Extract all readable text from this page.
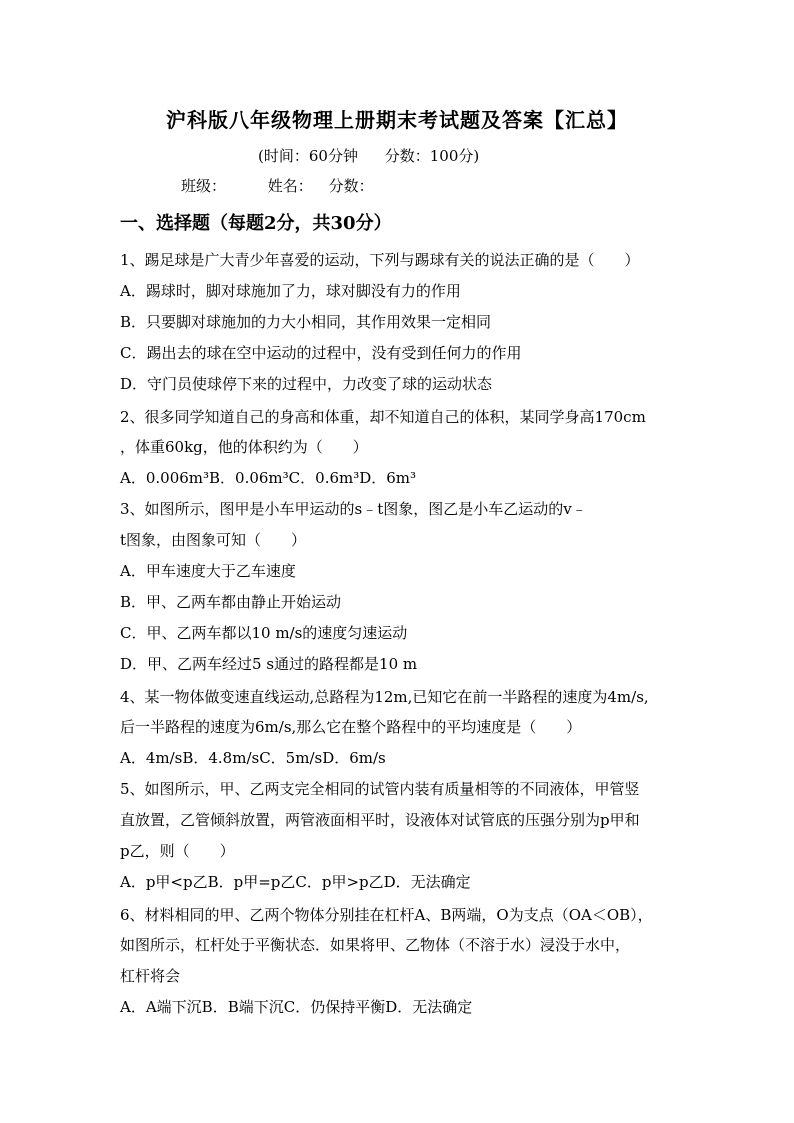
沪科版八年级物理上册期末考试题及答案【汇总】
(时间：60分钟 分数：100分)
班级：	姓名： 分数：
一、选择题（每题2分，共30分）
1、踢足球是广大青少年喜爱的运动，下列与踢球有关的说法正确的是（　　）
A．踢球时，脚对球施加了力，球对脚没有力的作用
B．只要脚对球施加的力大小相同，其作用效果一定相同
C．踢出去的球在空中运动的过程中，没有受到任何力的作用
D．守门员使球停下来的过程中，力改变了球的运动状态
2、很多同学知道自己的身高和体重，却不知道自己的体积，某同学身高170cm
，体重60kg，他的体积约为（　　）
A．0.006m³B．0.06m³C．0.6m³D．6m³
3、如图所示，图甲是小车甲运动的s﹣t图象，图乙是小车乙运动的v﹣
t图象，由图象可知（　　）
A．甲车速度大于乙车速度
B．甲、乙两车都由静止开始运动
C．甲、乙两车都以10 m/s的速度匀速运动
D．甲、乙两车经过5 s通过的路程都是10 m
4、某一物体做变速直线运动,总路程为12m,已知它在前一半路程的速度为4m/s,
后一半路程的速度为6m/s,那么它在整个路程中的平均速度是（　　）
A．4m/sB．4.8m/sC．5m/sD．6m/s
5、如图所示，甲、乙两支完全相同的试管内装有质量相等的不同液体，甲管竖
直放置，乙管倾斜放置，两管液面相平时，设液体对试管底的压强分别为p甲和
p乙，则（　　）
A．p甲<p乙B．p甲=p乙C．p甲>p乙D．无法确定
6、材料相同的甲、乙两个物体分别挂在杠杆A、B两端，O为支点（OA＜OB），
如图所示，杠杆处于平衡状态．如果将甲、乙物体（不溶于水）浸没于水中，
杠杆将会
A．A端下沉B．B端下沉C．仍保持平衡D．无法确定
